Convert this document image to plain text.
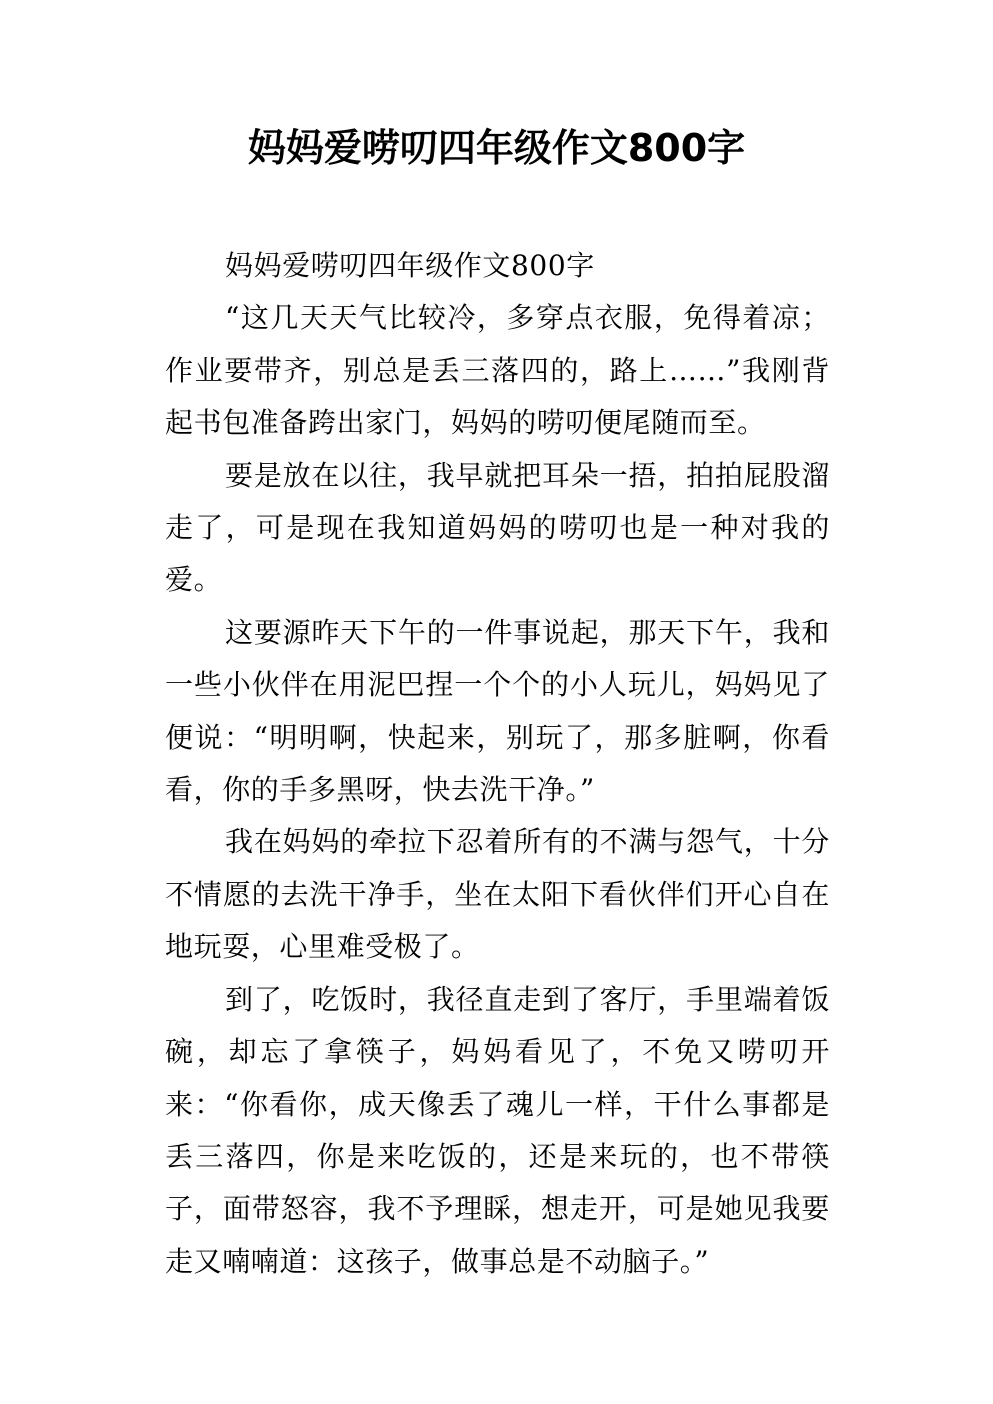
妈妈爱唠叨四年级作文800字

妈妈爱唠叨四年级作文800字

“这几天天气比较冷，多穿点衣服，免得着凉；作业要带齐，别总是丢三落四的，路上……”我刚背起书包准备跨出家门，妈妈的唠叨便尾随而至。

要是放在以往，我早就把耳朵一捂，拍拍屁股溜走了，可是现在我知道妈妈的唠叨也是一种对我的爱。

这要源昨天下午的一件事说起，那天下午，我和一些小伙伴在用泥巴捏一个个的小人玩儿，妈妈见了便说：“明明啊，快起来，别玩了，那多脏啊，你看看，你的手多黑呀，快去洗干净。”

我在妈妈的牵拉下忍着所有的不满与怨气，十分不情愿的去洗干净手，坐在太阳下看伙伴们开心自在地玩耍，心里难受极了。

到了，吃饭时，我径直走到了客厅，手里端着饭碗，却忘了拿筷子，妈妈看见了，不免又唠叨开来：“你看你，成天像丢了魂儿一样，干什么事都是丢三落四，你是来吃饭的，还是来玩的，也不带筷子，面带怒容，我不予理睬，想走开，可是她见我要走又喃喃道：这孩子，做事总是不动脑子。”
